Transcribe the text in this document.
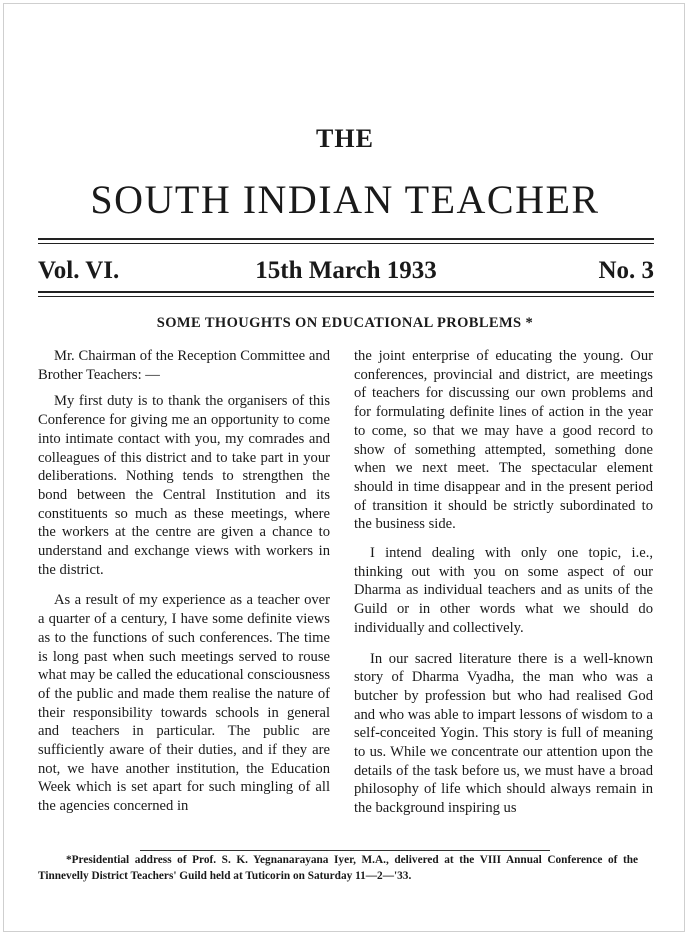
THE
SOUTH INDIAN TEACHER
Vol. VI.	15th March 1933	No. 3
SOME THOUGHTS ON EDUCATIONAL PROBLEMS *

Mr. Chairman of the Reception Committee and Brother Teachers: —

My first duty is to thank the organisers of this Conference for giving me an opportunity to come into intimate contact with you, my comrades and colleagues of this district and to take part in your deliberations. Nothing tends to strengthen the bond between the Central Institution and its constituents so much as these meetings, where the workers at the centre are given a chance to understand and exchange views with workers in the district.

As a result of my experience as a teacher over a quarter of a century, I have some definite views as to the functions of such conferences. The time is long past when such meetings served to rouse what may be called the educational consciousness of the public and made them realise the nature of their responsibility towards schools in general and teachers in particular. The public are sufficiently aware of their duties, and if they are not, we have another institution, the Education Week which is set apart for such mingling of all the agencies concerned in

the joint enterprise of educating the young. Our conferences, provincial and district, are meetings of teachers for discussing our own problems and for formulating definite lines of action in the year to come, so that we may have a good record to show of something attempted, something done when we next meet. The spectacular element should in time disappear and in the present period of transition it should be strictly subordinated to the business side.

I intend dealing with only one topic, i.e., thinking out with you on some aspect of our Dharma as individual teachers and as units of the Guild or in other words what we should do individually and collectively.

In our sacred literature there is a well-known story of Dharma Vyadha, the man who was a butcher by profession but who had realised God and who was able to impart lessons of wisdom to a self-conceited Yogin. This story is full of meaning to us. While we concentrate our attention upon the details of the task before us, we must have a broad philosophy of life which should always remain in the background inspiring us

*Presidential address of Prof. S. K. Yegnanarayana Iyer, M.A., delivered at the VIII Annual Conference of the Tinnevelly District Teachers' Guild held at Tuticorin on Saturday 11—2—'33.
